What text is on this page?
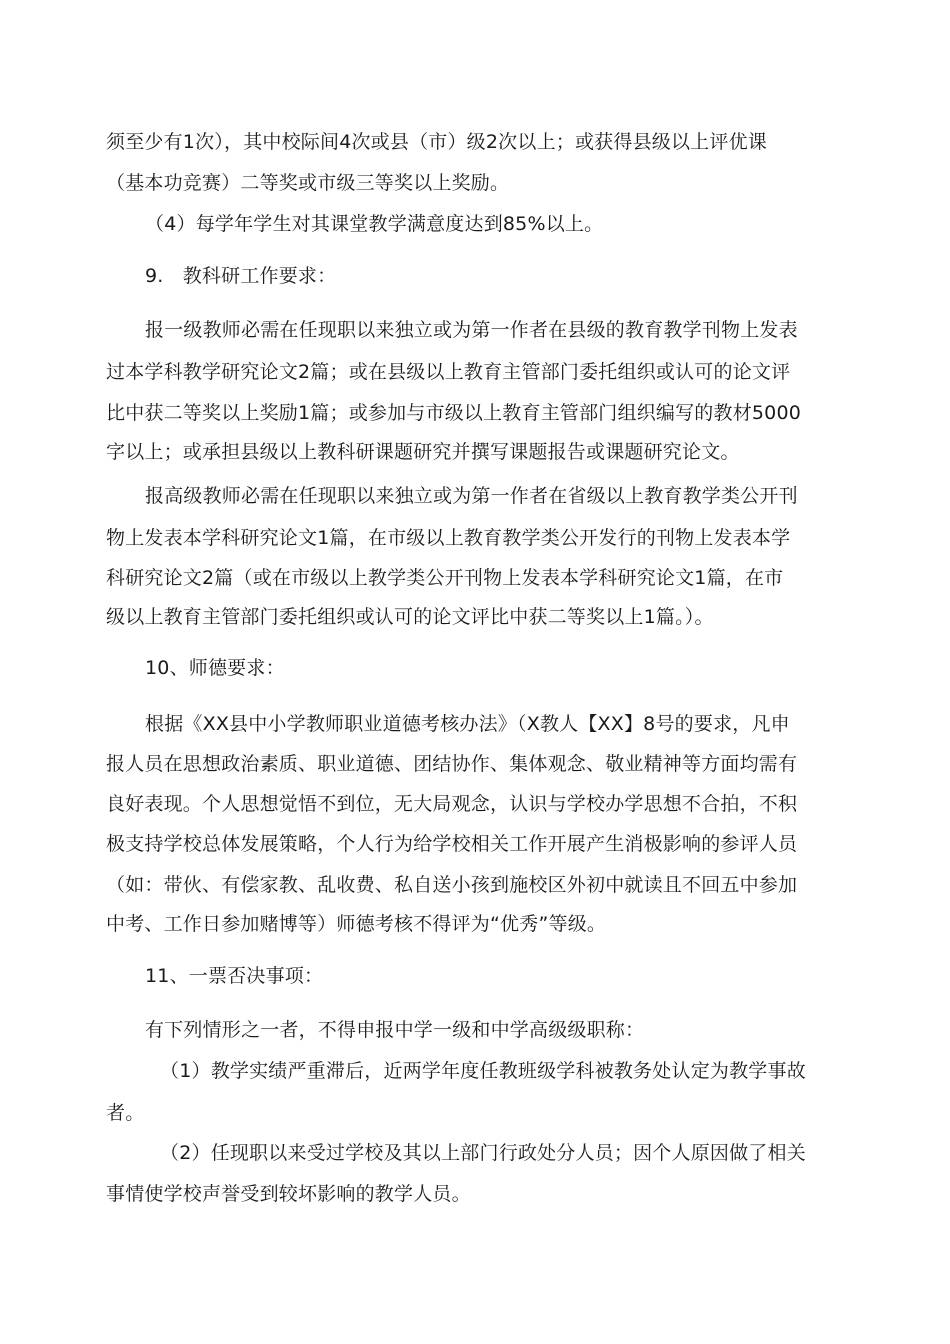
须至少有1次），其中校际间4次或县（市）级2次以上；或获得县级以上评优课
（基本功竞赛）二等奖或市级三等奖以上奖励。
（4）每学年学生对其课堂教学满意度达到85%以上。
9.　教科研工作要求：
报一级教师必需在任现职以来独立或为第一作者在县级的教育教学刊物上发表
过本学科教学研究论文2篇；或在县级以上教育主管部门委托组织或认可的论文评
比中获二等奖以上奖励1篇；或参加与市级以上教育主管部门组织编写的教材5000
字以上；或承担县级以上教科研课题研究并撰写课题报告或课题研究论文。
报高级教师必需在任现职以来独立或为第一作者在省级以上教育教学类公开刊
物上发表本学科研究论文1篇，在市级以上教育教学类公开发行的刊物上发表本学
科研究论文2篇（或在市级以上教学类公开刊物上发表本学科研究论文1篇，在市
级以上教育主管部门委托组织或认可的论文评比中获二等奖以上1篇。）。
10、师德要求：
根据《XX县中小学教师职业道德考核办法》（X教人【XX】8号的要求，凡申
报人员在思想政治素质、职业道德、团结协作、集体观念、敬业精神等方面均需有
良好表现。个人思想觉悟不到位，无大局观念，认识与学校办学思想不合拍，不积
极支持学校总体发展策略，个人行为给学校相关工作开展产生消极影响的参评人员
（如：带伙、有偿家教、乱收费、私自送小孩到施校区外初中就读且不回五中参加
中考、工作日参加赌博等）师德考核不得评为“优秀”等级。
11、一票否决事项：
有下列情形之一者，不得申报中学一级和中学高级级职称：
（1）教学实绩严重滞后，近两学年度任教班级学科被教务处认定为教学事故
者。
（2）任现职以来受过学校及其以上部门行政处分人员；因个人原因做了相关
事情使学校声誉受到较坏影响的教学人员。
